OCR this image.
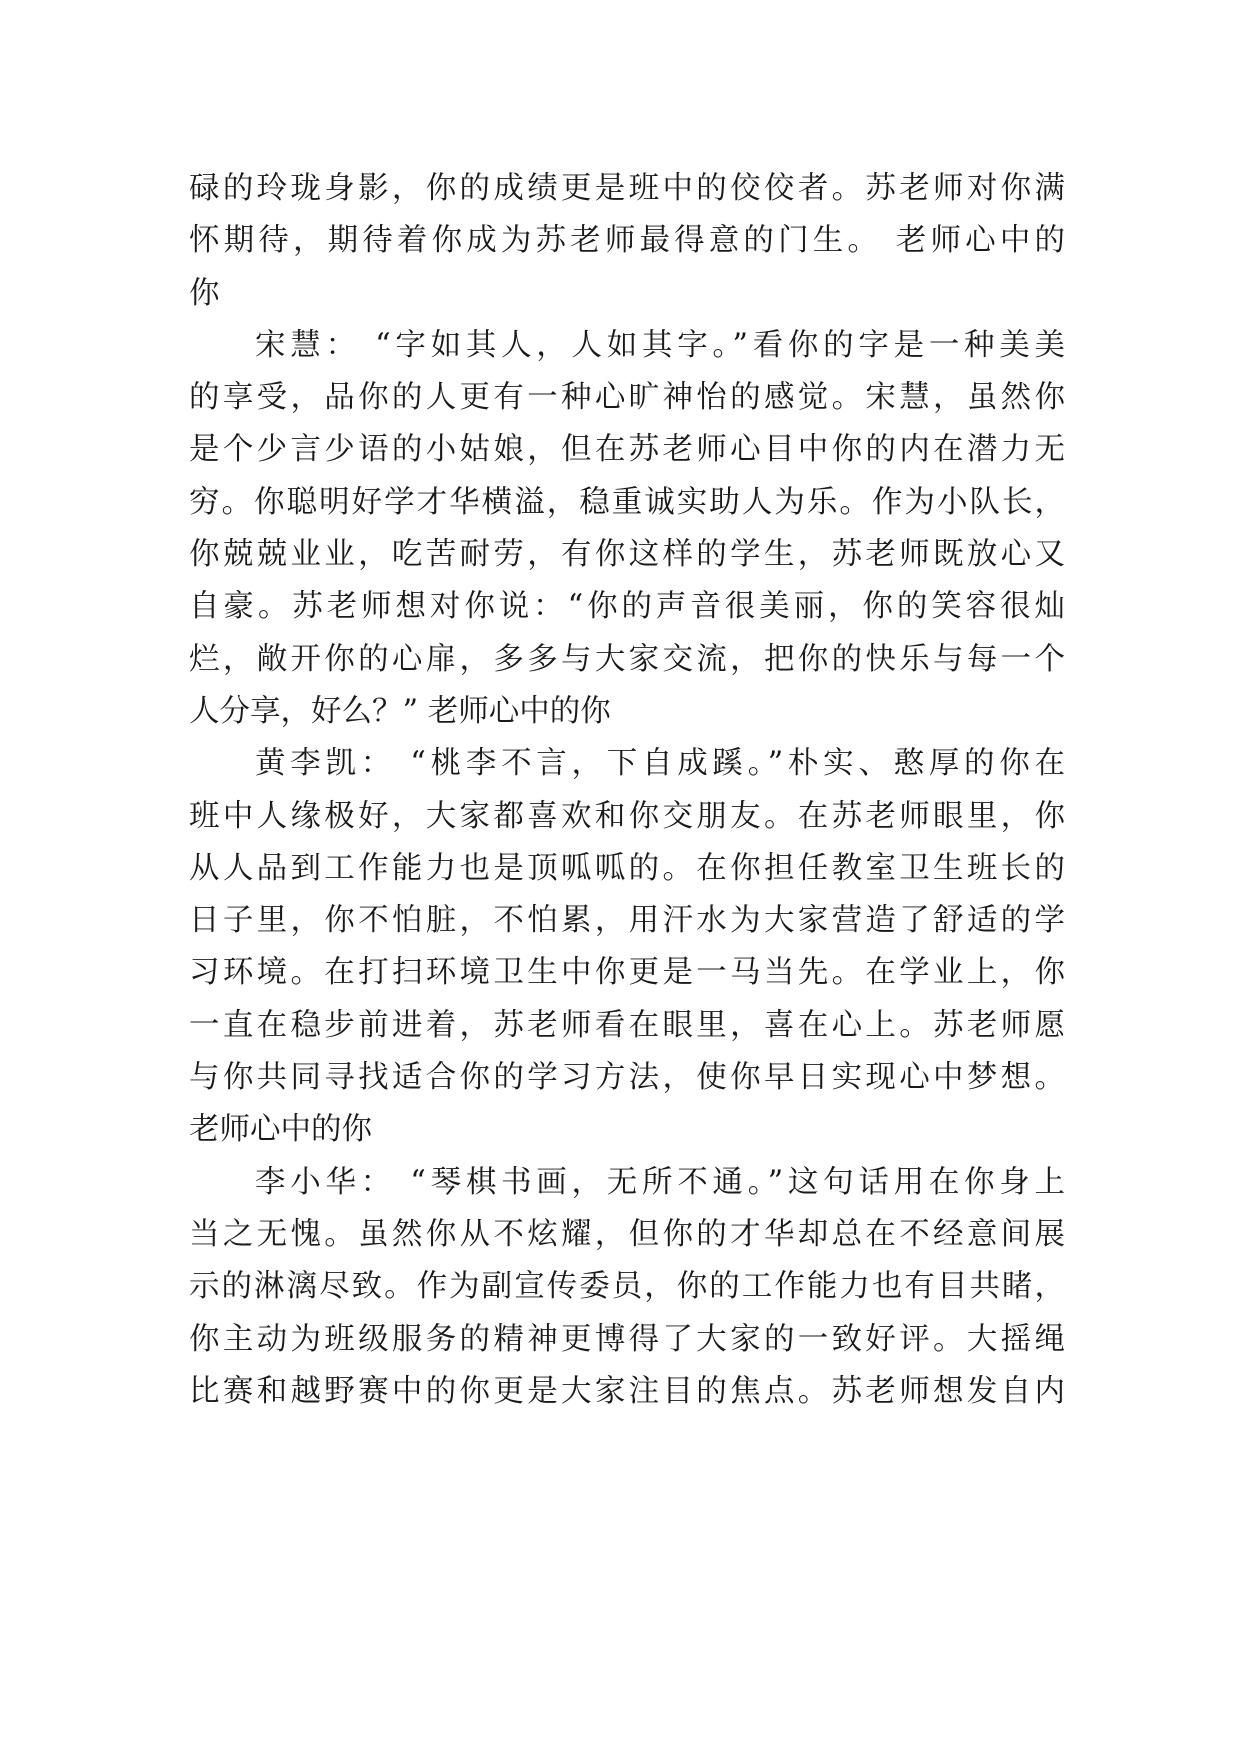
碌的玲珑身影，你的成绩更是班中的佼佼者。苏老师对你满
怀期待，期待着你成为苏老师最得意的门生。 老师心中的
你
宋慧： “字如其人，人如其字。”看你的字是一种美美
的享受，品你的人更有一种心旷神怡的感觉。宋慧，虽然你
是个少言少语的小姑娘，但在苏老师心目中你的内在潜力无
穷。你聪明好学才华横溢，稳重诚实助人为乐。作为小队长，
你兢兢业业，吃苦耐劳，有你这样的学生，苏老师既放心又
自豪。苏老师想对你说：“你的声音很美丽，你的笑容很灿
烂，敞开你的心扉，多多与大家交流，把你的快乐与每一个
人分享，好么？” 老师心中的你
黄李凯： “桃李不言，下自成蹊。”朴实、憨厚的你在
班中人缘极好，大家都喜欢和你交朋友。在苏老师眼里，你
从人品到工作能力也是顶呱呱的。在你担任教室卫生班长的
日子里，你不怕脏，不怕累，用汗水为大家营造了舒适的学
习环境。在打扫环境卫生中你更是一马当先。在学业上，你
一直在稳步前进着，苏老师看在眼里，喜在心上。苏老师愿
与你共同寻找适合你的学习方法，使你早日实现心中梦想。
老师心中的你
李小华： “琴棋书画，无所不通。”这句话用在你身上
当之无愧。虽然你从不炫耀，但你的才华却总在不经意间展
示的淋漓尽致。作为副宣传委员，你的工作能力也有目共睹，
你主动为班级服务的精神更博得了大家的一致好评。大摇绳
比赛和越野赛中的你更是大家注目的焦点。苏老师想发自内
